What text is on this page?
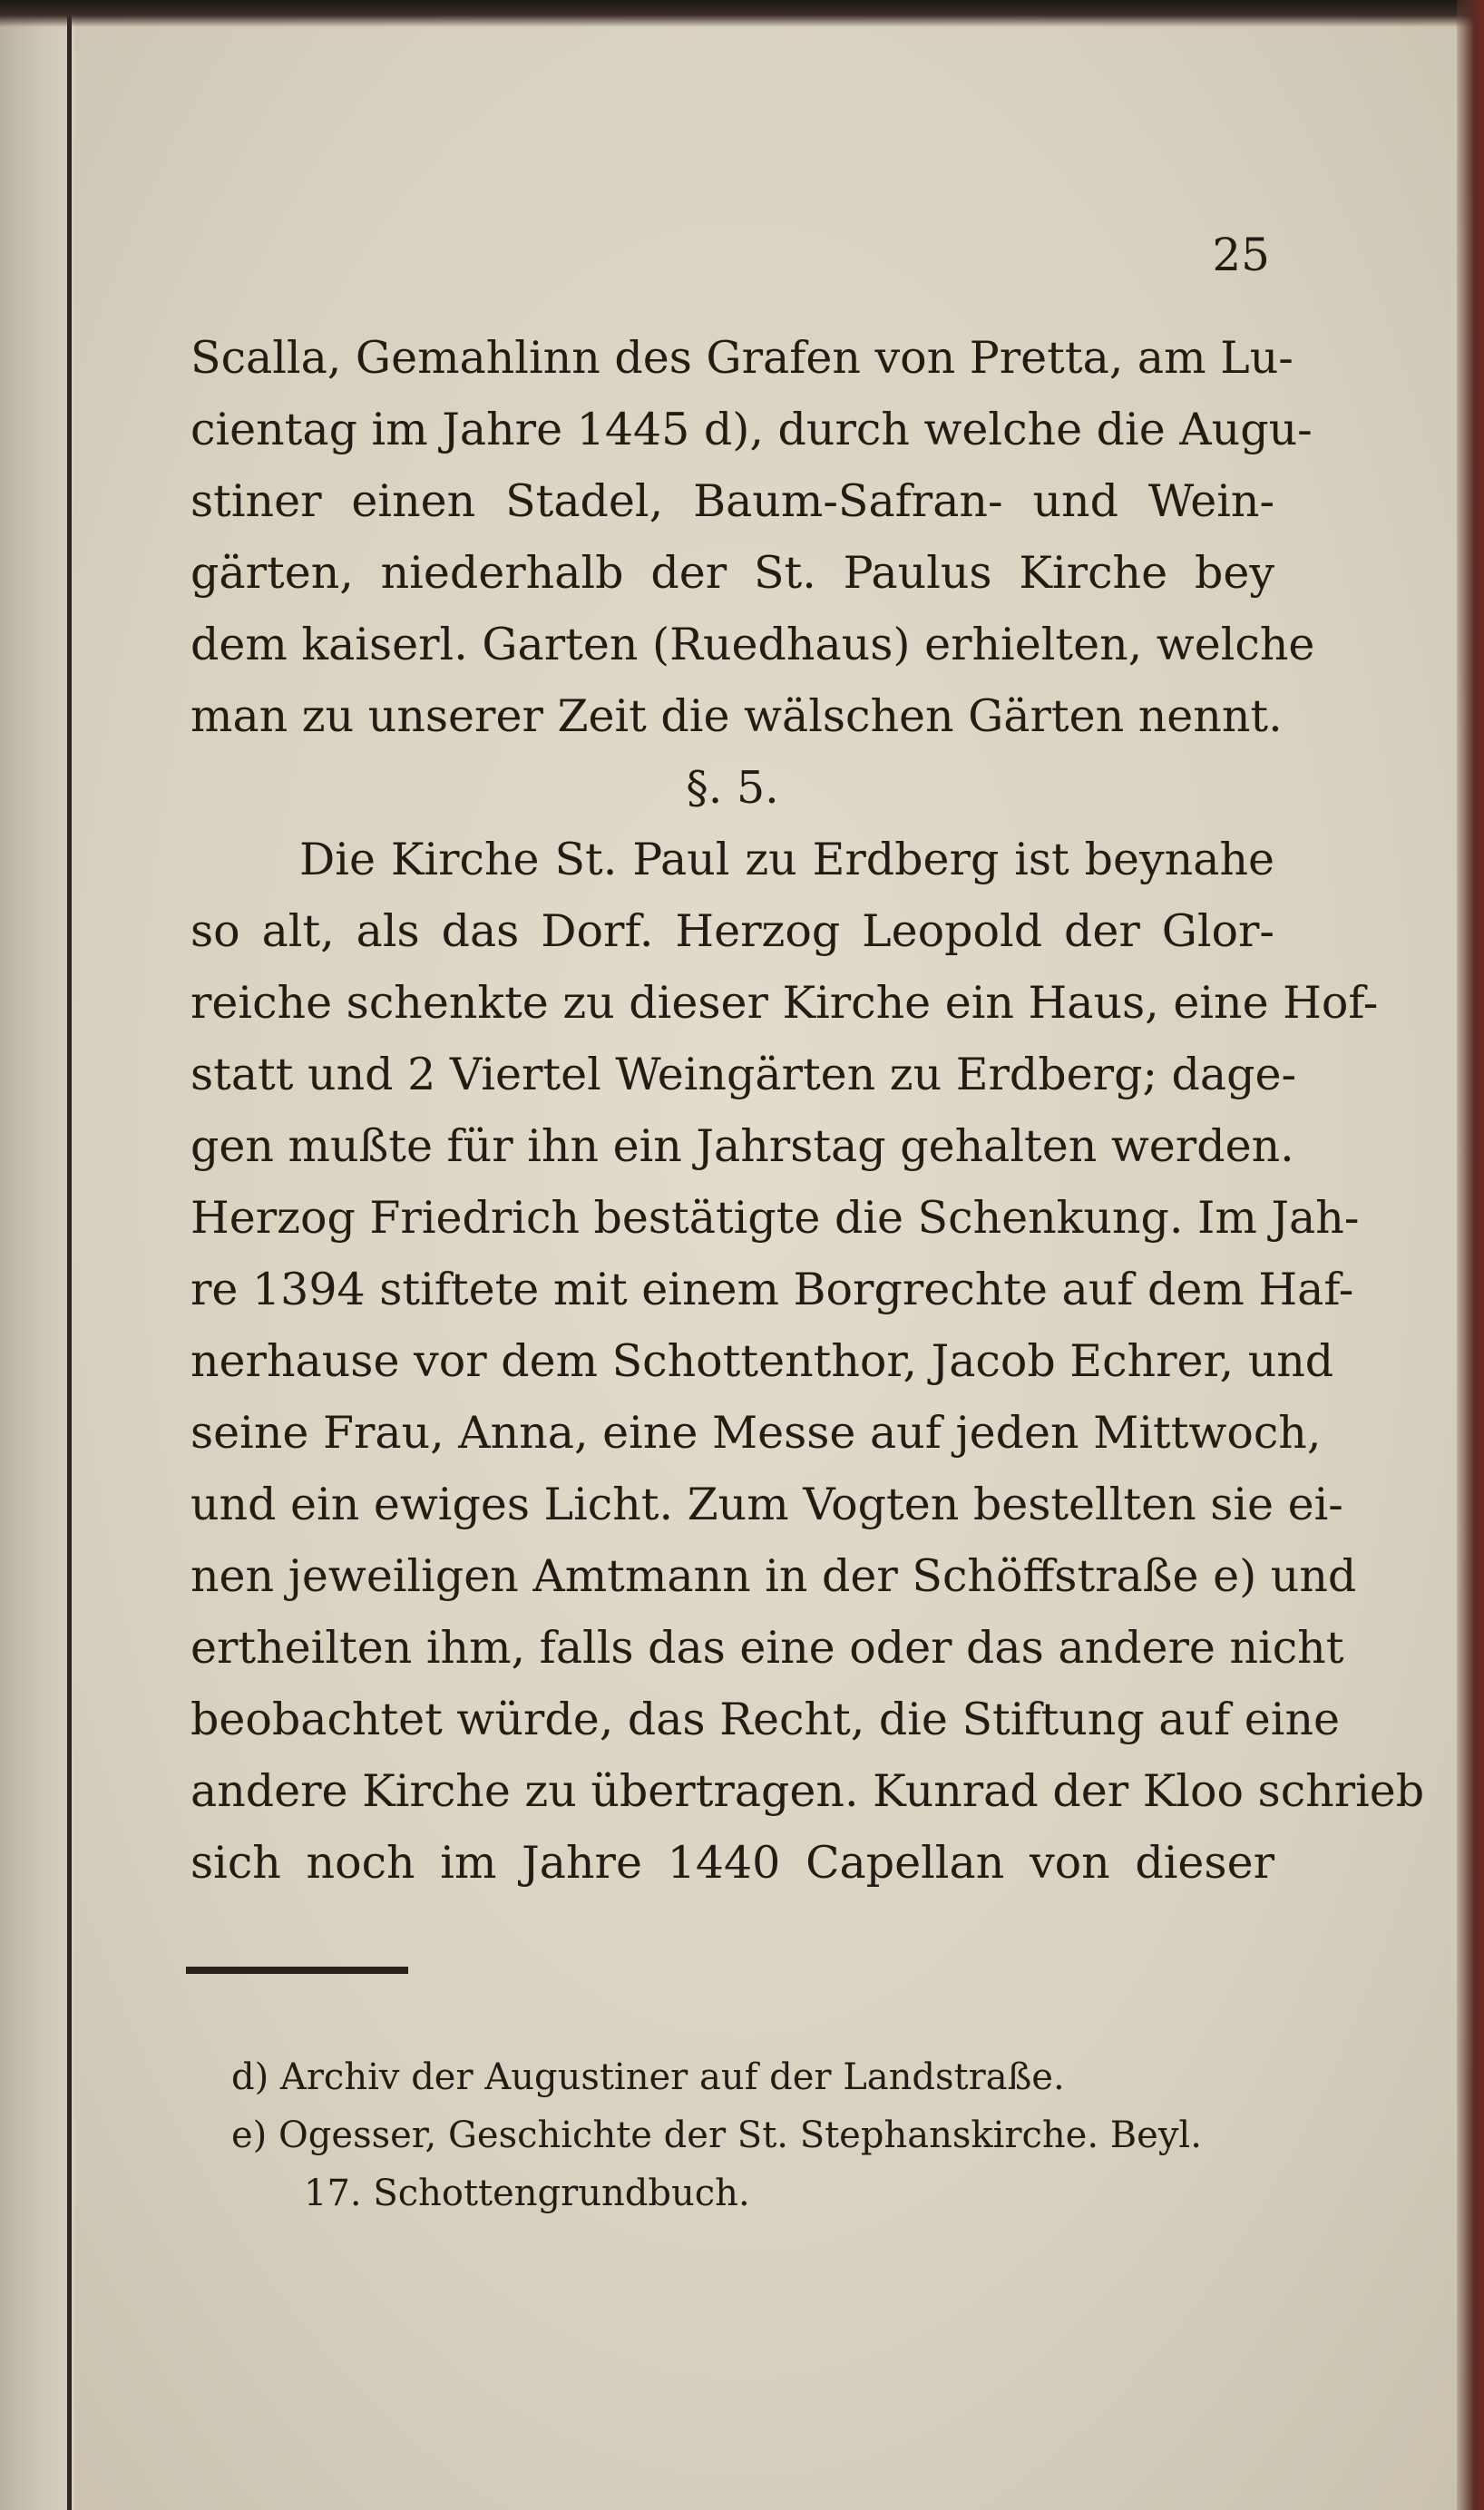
25
Scalla, Gemahlinn des Grafen von Pretta, am Lu-
cientag im Jahre 1445 d), durch welche die Augu-
stiner einen Stadel, Baum-Safran- und Wein-
gärten, niederhalb der St. Paulus Kirche bey
dem kaiserl. Garten (Ruedhaus) erhielten, welche
man zu unserer Zeit die wälschen Gärten nennt.
§. 5.
Die Kirche St. Paul zu Erdberg ist beynahe
so alt, als das Dorf. Herzog Leopold der Glor-
reiche schenkte zu dieser Kirche ein Haus, eine Hof-
statt und 2 Viertel Weingärten zu Erdberg; dage-
gen mußte für ihn ein Jahrstag gehalten werden.
Herzog Friedrich bestätigte die Schenkung. Im Jah-
re 1394 stiftete mit einem Borgrechte auf dem Haf-
nerhause vor dem Schottenthor, Jacob Echrer, und
seine Frau, Anna, eine Messe auf jeden Mittwoch,
und ein ewiges Licht. Zum Vogten bestellten sie ei-
nen jeweiligen Amtmann in der Schöffstraße e) und
ertheilten ihm, falls das eine oder das andere nicht
beobachtet würde, das Recht, die Stiftung auf eine
andere Kirche zu übertragen. Kunrad der Kloo schrieb
sich noch im Jahre 1440 Capellan von dieser
d) Archiv der Augustiner auf der Landstraße.
e) Ogesser, Geschichte der St. Stephanskirche. Beyl.
17. Schottengrundbuch.
